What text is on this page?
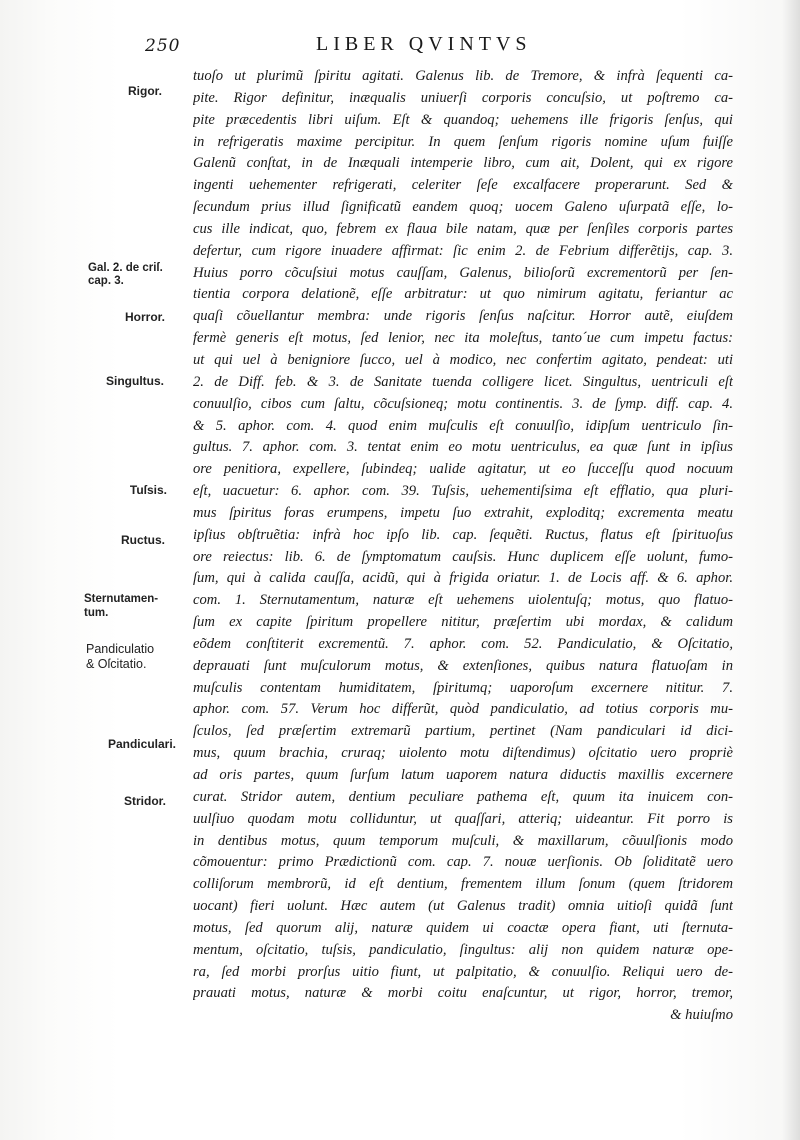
250	LIBER QVINTVS
Rigor.
Gal. 2. de criſ.
cap. 3.
Horror.
Singultus.
Tuſsis.
Ructus.
Sternutamen-
tum.
Pandiculatio
& Oſcitatio.
Pandiculari.
Stridor.
tuoſo ut plurimũ ſpiritu agitati. Galenus lib. de Tremore, & infrà ſequenti ca-
pite. Rigor definitur, inæqualis uniuerſi corporis concuſsio, ut poſtremo ca-
pite præcedentis libri uiſum. Eſt & quandoq; uehemens ille frigoris ſenſus, qui
in refrigeratis maxime percipitur. In quem ſenſum rigoris nomine uſum fuiſſe
Galenũ conſtat, in de Inæquali intemperie libro, cum ait, Dolent, qui ex rigore
ingenti uehementer refrigerati, celeriter ſeſe excalfacere properarunt. Sed &
ſecundum prius illud ſignificatũ eandem quoq; uocem Galeno uſurpatã eſſe, lo-
cus ille indicat, quo, febrem ex flaua bile natam, quæ per ſenſiles corporis partes
defertur, cum rigore inuadere affirmat: ſic enim 2. de Febrium differẽtijs, cap. 3.
Huius porro cõcuſsiui motus cauſſam, Galenus, bilioſorũ excrementorũ per ſen-
tientia corpora delationẽ, eſſe arbitratur: ut quo nimirum agitatu, feriantur ac
quaſi cõuellantur membra: unde rigoris ſenſus naſcitur. Horror autẽ, eiuſdem
fermè generis eſt motus, ſed lenior, nec ita moleſtus, tanto´ue cum impetu factus:
ut qui uel à benigniore ſucco, uel à modico, nec confertim agitato, pendeat: uti
2. de Diff. feb. & 3. de Sanitate tuenda colligere licet. Singultus, uentriculi eſt
conuulſio, cibos cum ſaltu, cõcuſsioneq; motu continentis. 3. de ſymp. diff. cap. 4.
& 5. aphor. com. 4. quod enim muſculis eſt conuulſio, idipſum uentriculo ſin-
gultus. 7. aphor. com. 3. tentat enim eo motu uentriculus, ea quæ ſunt in ipſius
ore penitiora, expellere, ſubindeq; ualide agitatur, ut eo ſucceſſu quod nocuum
eſt, uacuetur: 6. aphor. com. 39. Tuſsis, uehementiſsima eſt efflatio, qua pluri-
mus ſpiritus foras erumpens, impetu ſuo extrahit, exploditq; excrementa meatu
ipſius obſtruẽtia: infrà hoc ipſo lib. cap. ſequẽti. Ructus, flatus eſt ſpirituoſus
ore reiectus: lib. 6. de ſymptomatum cauſsis. Hunc duplicem eſſe uolunt, fumo-
ſum, qui à calida cauſſa, acidũ, qui à frigida oriatur. 1. de Locis aff. & 6. aphor.
com. 1. Sternutamentum, naturæ eſt uehemens uiolentuſq; motus, quo flatuo-
ſum ex capite ſpiritum propellere nititur, præſertim ubi mordax, & calidum
eõdem conſtiterit excrementũ. 7. aphor. com. 52. Pandiculatio, & Oſcitatio,
deprauati ſunt muſculorum motus, & extenſiones, quibus natura flatuoſam in
muſculis contentam humiditatem, ſpiritumq; uaporoſum excernere nititur. 7.
aphor. com. 57. Verum hoc differũt, quòd pandiculatio, ad totius corporis mu-
ſculos, ſed præſertim extremarũ partium, pertinet (Nam pandiculari id dici-
mus, quum brachia, cruraq; uiolento motu diſtendimus) oſcitatio uero propriè
ad oris partes, quum ſurſum latum uaporem natura diductis maxillis excernere
curat. Stridor autem, dentium peculiare pathema eſt, quum ita inuicem con-
uulſiuo quodam motu colliduntur, ut quaſſari, atteriq; uideantur. Fit porro is
in dentibus motus, quum temporum muſculi, & maxillarum, cõuulſionis modo
cõmouentur: primo Prædictionũ com. cap. 7. nouæ uerſionis. Ob ſoliditatẽ uero
colliſorum membrorũ, id eſt dentium, frementem illum ſonum (quem ſtridorem
uocant) fieri uolunt. Hæc autem (ut Galenus tradit) omnia uitioſi quidã ſunt
motus, ſed quorum alij, naturæ quidem ui coactæ opera fiant, uti ſternuta-
mentum, oſcitatio, tuſsis, pandiculatio, ſingultus: alij non quidem naturæ ope-
ra, ſed morbi prorſus uitio fiunt, ut palpitatio, & conuulſio. Reliqui uero de-
prauati motus, naturæ & morbi coitu enaſcuntur, ut rigor, horror, tremor,
& huiuſmo
